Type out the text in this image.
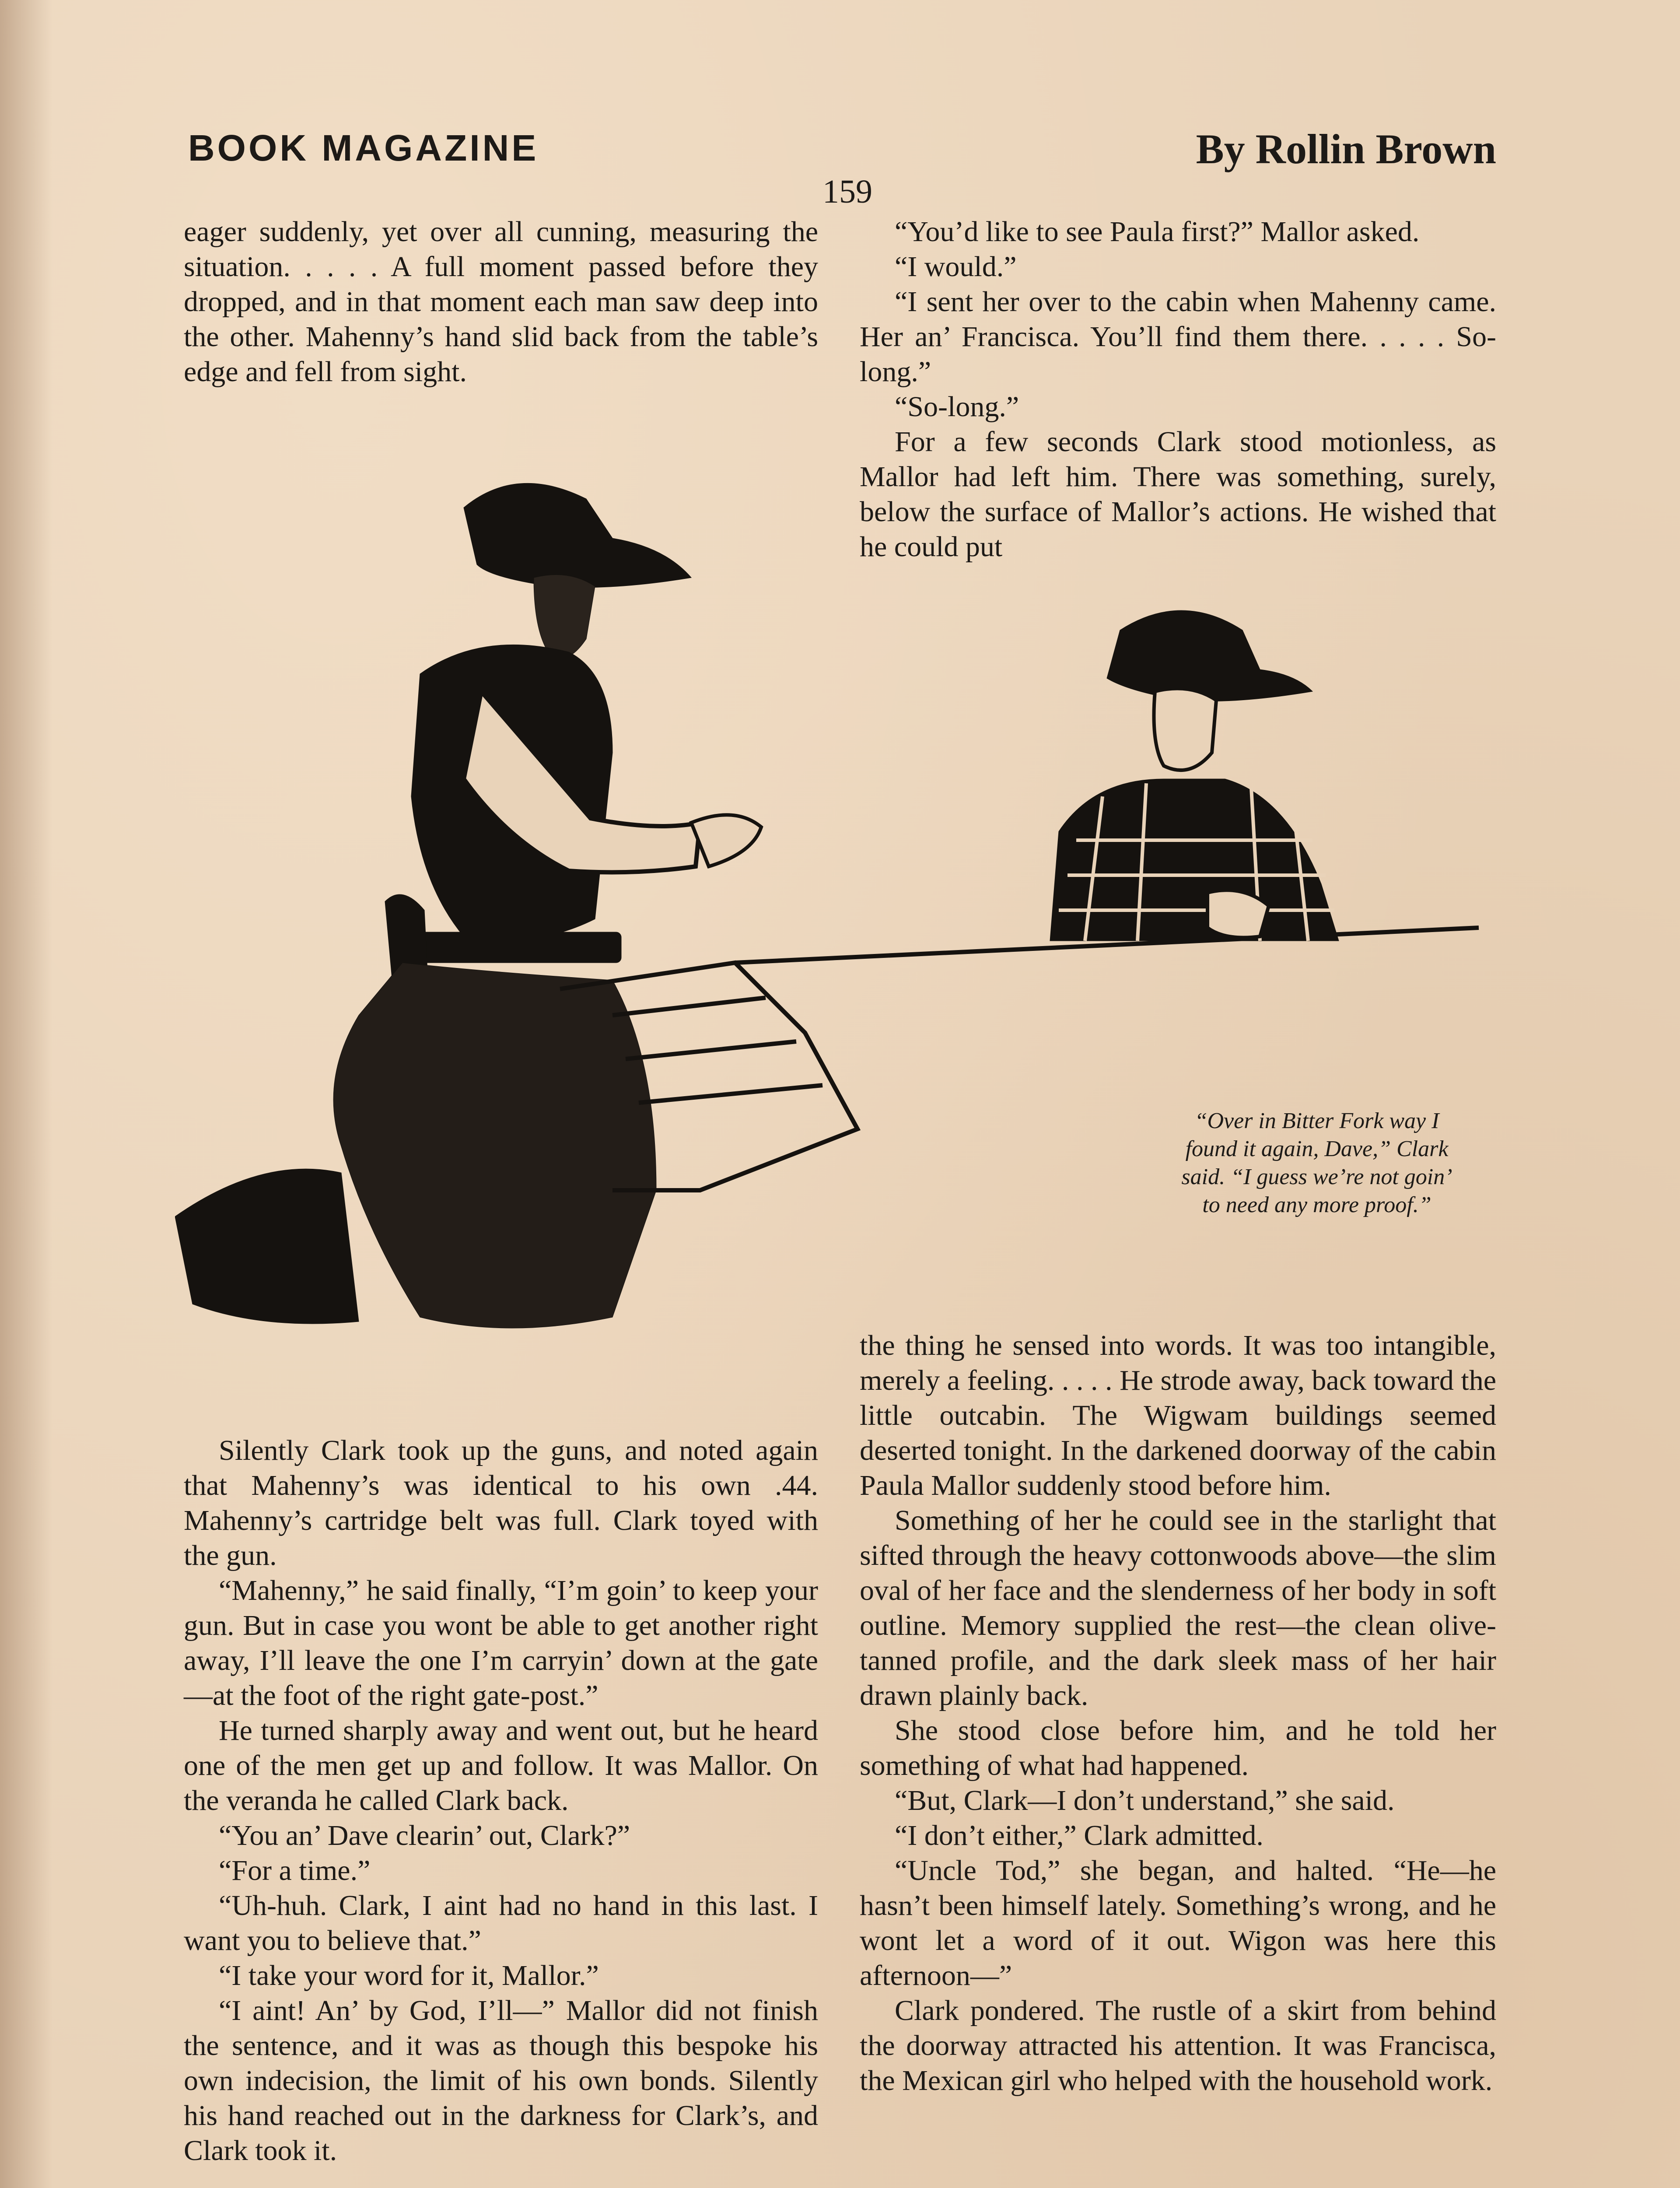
BOOK MAGAZINE	By Rollin Brown
159

eager suddenly, yet over all cunning, measuring the situation. . . . . A full moment passed before they dropped, and in that moment each man saw deep into the other. Mahenny’s hand slid back from the table’s edge and fell from sight.

“You’d like to see Paula first?” Mallor asked.

“I would.”

“I sent her over to the cabin when Mahenny came. Her an’ Francisca. You’ll find them there. . . . . So-long.”

“So-long.”

For a few seconds Clark stood motionless, as Mallor had left him. There was something, surely, below the surface of Mallor’s actions. He wished that he could put

“Over in Bitter Fork way I found it again, Dave,” Clark said. “I guess we’re not goin’ to need any more proof.”

Silently Clark took up the guns, and noted again that Mahenny’s was identical to his own .44. Mahenny’s cartridge belt was full. Clark toyed with the gun.

“Mahenny,” he said finally, “I’m goin’ to keep your gun. But in case you wont be able to get another right away, I’ll leave the one I’m carryin’ down at the gate—at the foot of the right gate-post.”

He turned sharply away and went out, but he heard one of the men get up and follow. It was Mallor. On the veranda he called Clark back.

“You an’ Dave clearin’ out, Clark?”

“For a time.”

“Uh-huh. Clark, I aint had no hand in this last. I want you to believe that.”

“I take your word for it, Mallor.”

“I aint! An’ by God, I’ll—” Mallor did not finish the sentence, and it was as though this bespoke his own indecision, the limit of his own bonds. Silently his hand reached out in the darkness for Clark’s, and Clark took it.

the thing he sensed into words. It was too intangible, merely a feeling. . . . . He strode away, back toward the little outcabin. The Wigwam buildings seemed deserted tonight. In the darkened doorway of the cabin Paula Mallor suddenly stood before him.

Something of her he could see in the starlight that sifted through the heavy cottonwoods above—the slim oval of her face and the slenderness of her body in soft outline. Memory supplied the rest—the clean olive-tanned profile, and the dark sleek mass of her hair drawn plainly back.

She stood close before him, and he told her something of what had happened.

“But, Clark—I don’t understand,” she said.

“I don’t either,” Clark admitted.

“Uncle Tod,” she began, and halted. “He—he hasn’t been himself lately. Something’s wrong, and he wont let a word of it out. Wigon was here this afternoon—”

Clark pondered. The rustle of a skirt from behind the doorway attracted his attention. It was Francisca, the Mexican girl who helped with the household work.
